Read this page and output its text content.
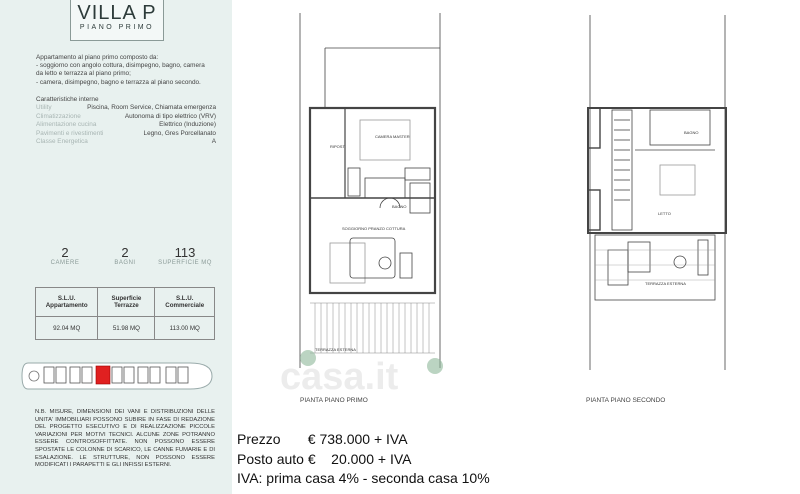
VILLA P
PIANO PRIMO
Appartamento al piano primo composto da:
- soggiorno con angolo cottura, disimpegno, bagno, camera
da letto e terrazza al piano primo;
- camera, disimpegno, bagno e terrazza al piano secondo.
Caratteristiche interne
Utility	Piscina, Room Service, Chiamata emergenza
Climatizzazione	Autonoma di tipo elettrico (VRV)
Alimentazione cucina	Elettrico (Induzione)
Pavimenti e rivestimenti	Legno, Gres Porcellanato
Classe Energetica	A
2
CAMERE
2
BAGNI
113
SUPERFICIE MQ
S.L.U. Appartamento	Superficie Terrazze	S.L.U. Commerciale
92.04 MQ	51.98 MQ	113.00 MQ
N.B. MISURE, DIMENSIONI DEI VANI E DISTRIBUZIONI DELLE UNITA' IMMOBILIARI POSSONO SUBIRE IN FASE DI REDAZIONE DEL PROGETTO ESECUTIVO E DI REALIZZAZIONE PICCOLE VARIAZIONI PER MOTIVI TECNICI. ALCUNE ZONE POTRANNO ESSERE CONTROSOFFITTATE. NON POSSONO ESSERE SPOSTATE LE COLONNE DI SCARICO, LE CANNE FUMARIE E DI ESALAZIONE. LE STRUTTURE, NON POSSONO ESSERE MODIFICATI I PARAPETTI E GLI INFISSI ESTERNI.
RIPOST.
CAMERA MASTER
BAGNO
SOGGIORNO PRANZO COTTURA
TERRAZZA ESTERNA
PIANTA PIANO PRIMO
LETTO
BAGNO
TERRAZZA ESTERNA
PIANTA PIANO SECONDO
casa.it
Prezzo       € 738.000 + IVA
Posto auto €    20.000 + IVA
IVA: prima casa 4% - seconda casa 10%
